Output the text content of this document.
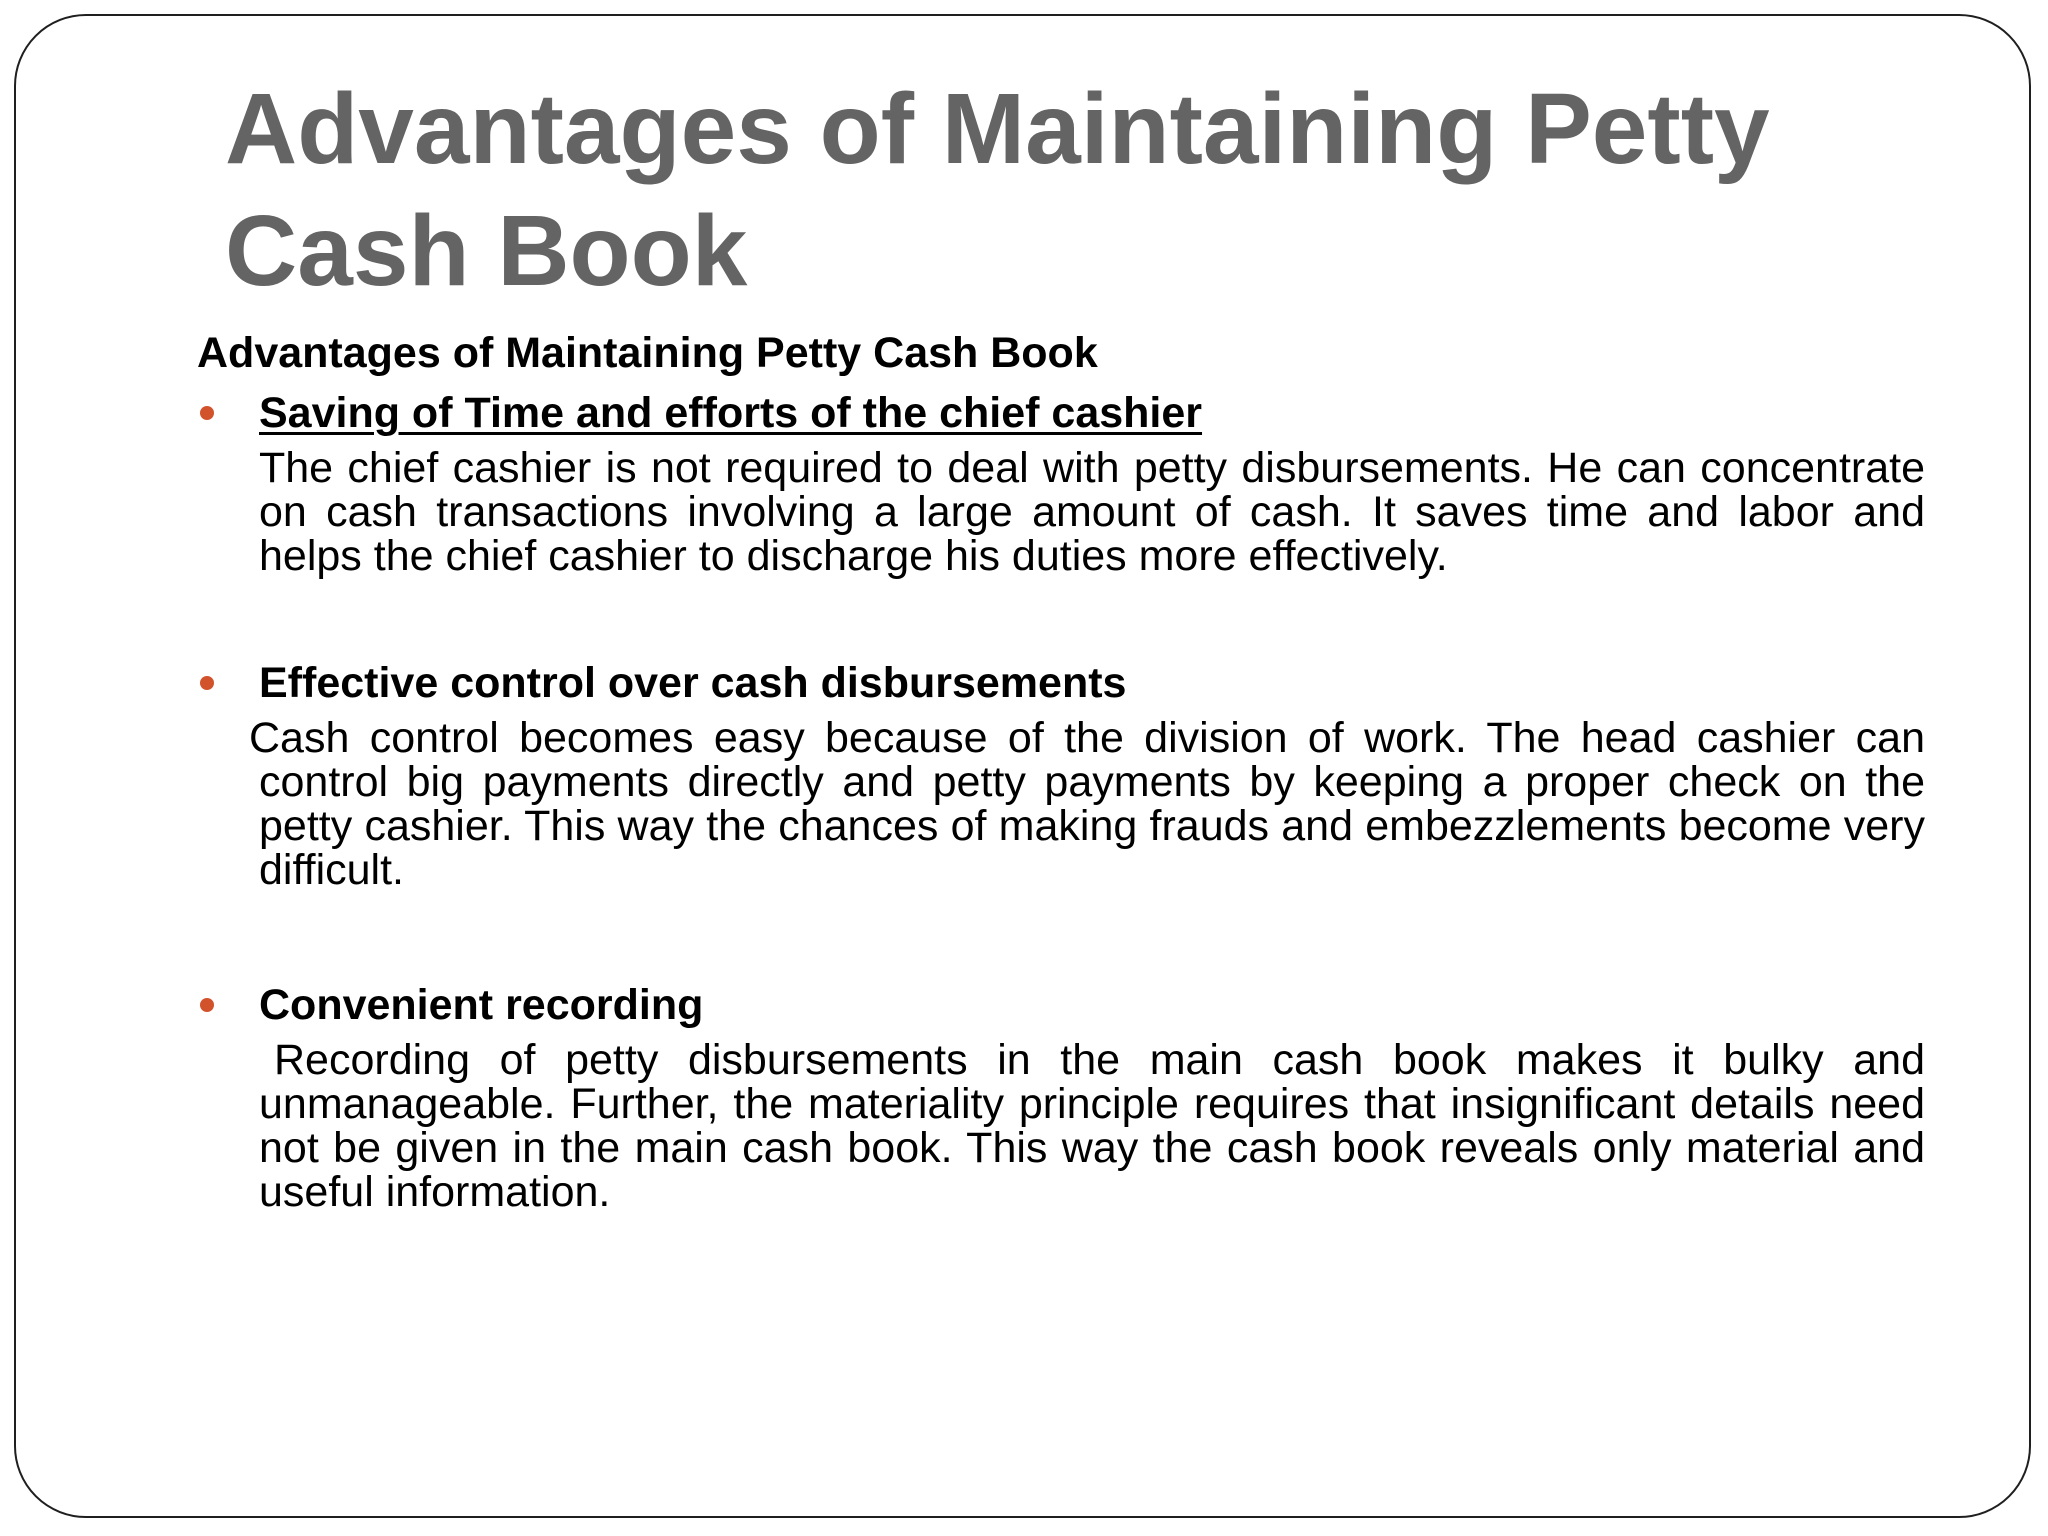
Advantages of Maintaining Petty Cash Book
Advantages of Maintaining Petty Cash Book
Saving of Time and efforts of the chief cashier

The chief cashier is not required to deal with petty disbursements. He can concentrate on cash transactions involving a large amount of cash. It saves time and labor and helps the chief cashier to discharge his duties more effectively.

Effective control over cash disbursements

Cash control becomes easy because of the division of work. The head cashier can control big payments directly and petty payments by keeping a proper check on the petty cashier. This way the chances of making frauds and embezzlements become very difficult.

Convenient recording

Recording of petty disbursements in the main cash book makes it bulky and unmanageable. Further, the materiality principle requires that insignificant details need not be given in the main cash book. This way the cash book reveals only material and useful information.
